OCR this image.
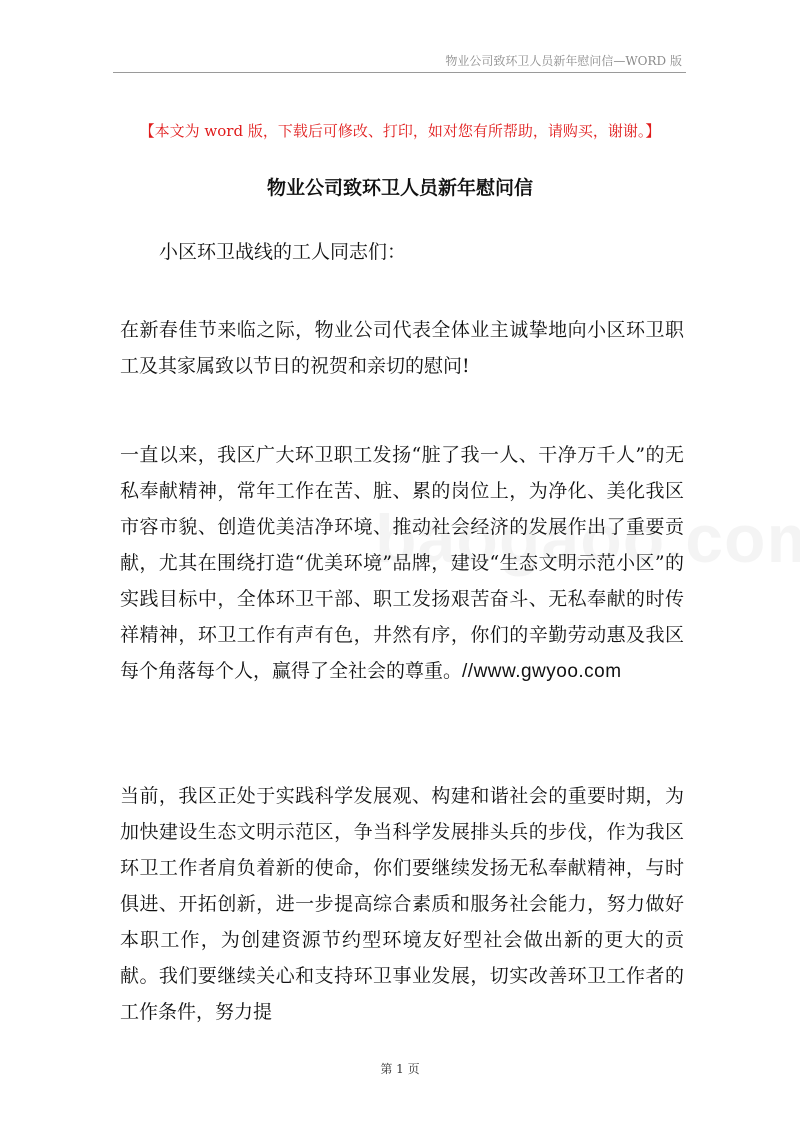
物业公司致环卫人员新年慰问信—WORD 版
【本文为 word 版，下载后可修改、打印，如对您有所帮助，请购买，谢谢。】
物业公司致环卫人员新年慰问信
小区环卫战线的工人同志们：

在新春佳节来临之际，物业公司代表全体业主诚挚地向小区环卫职工及其家属致以节日的祝贺和亲切的慰问!

一直以来，我区广大环卫职工发扬“脏了我一人、干净万千人”的无私奉献精神，常年工作在苦、脏、累的岗位上，为净化、美化我区市容市貌、创造优美洁净环境、推动社会经济的发展作出了重要贡献，尤其在围绕打造“优美环境”品牌，建设“生态文明示范小区”的实践目标中，全体环卫干部、职工发扬艰苦奋斗、无私奉献的时传祥精神，环卫工作有声有色，井然有序，你们的辛勤劳动惠及我区每个角落每个人，赢得了全社会的尊重。//www.gwyoo.com

当前，我区正处于实践科学发展观、构建和谐社会的重要时期，为加快建设生态文明示范区，争当科学发展排头兵的步伐，作为我区环卫工作者肩负着新的使命，你们要继续发扬无私奉献精神，与时俱进、开拓创新，进一步提高综合素质和服务社会能力，努力做好本职工作，为创建资源节约型环境友好型社会做出新的更大的贡献。我们要继续关心和支持环卫事业发展，切实改善环卫工作者的工作条件，努力提

第 1 页
